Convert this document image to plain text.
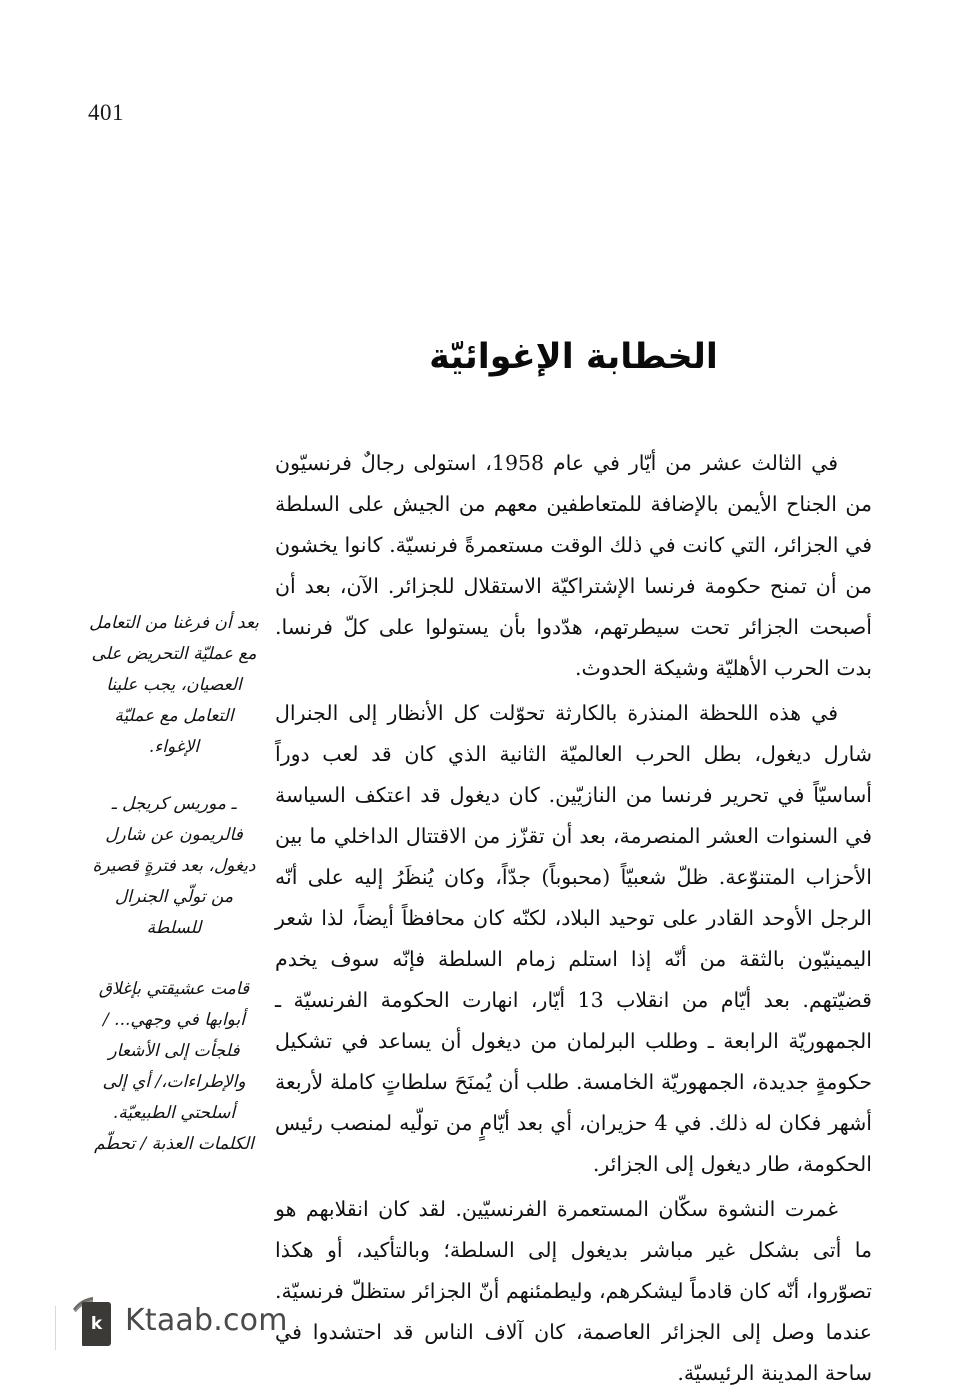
401
الخطابة الإغوائيّة

في الثالث عشر من أيّار في عام 1958، استولى رجالٌ فرنسيّون من الجناح الأيمن بالإضافة للمتعاطفين معهم من الجيش على السلطة في الجزائر، التي كانت في ذلك الوقت مستعمرةً فرنسيّة. كانوا يخشون من أن تمنح حكومة فرنسا الإشتراكيّة الاستقلال للجزائر. الآن، بعد أن أصبحت الجزائر تحت سيطرتهم، هدّدوا بأن يستولوا على كلّ فرنسا. بدت الحرب الأهليّة وشيكة الحدوث.

في هذه اللحظة المنذرة بالكارثة تحوّلت كل الأنظار إلى الجنرال شارل ديغول، بطل الحرب العالميّة الثانية الذي كان قد لعب دوراً أساسيّاً في تحرير فرنسا من النازيّين. كان ديغول قد اعتكف السياسة في السنوات العشر المنصرمة، بعد أن تقزّز من الاقتتال الداخلي ما بين الأحزاب المتنوّعة. ظلّ شعبيّاً (محبوباً) جدّاً، وكان يُنظَرُ إليه على أنّه الرجل الأوحد القادر على توحيد البلاد، لكنّه كان محافظاً أيضاً، لذا شعر اليمينيّون بالثقة من أنّه إذا استلم زمام السلطة فإنّه سوف يخدم قضيّتهم. بعد أيّام من انقلاب 13 أيّار، انهارت الحكومة الفرنسيّة ـ الجمهوريّة الرابعة ـ وطلب البرلمان من ديغول أن يساعد في تشكيل حكومةٍ جديدة، الجمهوريّة الخامسة. طلب أن يُمنَحَ سلطاتٍ كاملة لأربعة أشهر فكان له ذلك. في 4 حزيران، أي بعد أيّامٍ من تولّيه لمنصب رئيس الحكومة، طار ديغول إلى الجزائر.

غمرت النشوة سكّان المستعمرة الفرنسيّين. لقد كان انقلابهم هو ما أتى بشكل غير مباشر بديغول إلى السلطة؛ وبالتأكيد، أو هكذا تصوّروا، أنّه كان قادماً ليشكرهم، وليطمئنهم أنّ الجزائر ستظلّ فرنسيّة. عندما وصل إلى الجزائر العاصمة، كان آلاف الناس قد احتشدوا في ساحة المدينة الرئيسيّة.

بعد أن فرغنا من التعامل مع عمليّة التحريض على العصيان، يجب علينا التعامل مع عمليّة الإغواء.
ـ موريس كريجل ـ فالريمون عن شارل ديغول، بعد فترةٍ قصيرة من تولّي الجنرال للسلطة
قامت عشيقتي بإغلاق أبوابها في وجهي... / فلجأت إلى الأشعار والإطراءات،/ أي إلى أسلحتي الطبيعيّة. الكلمات العذبة / تحطّم
k Ktaab.com
